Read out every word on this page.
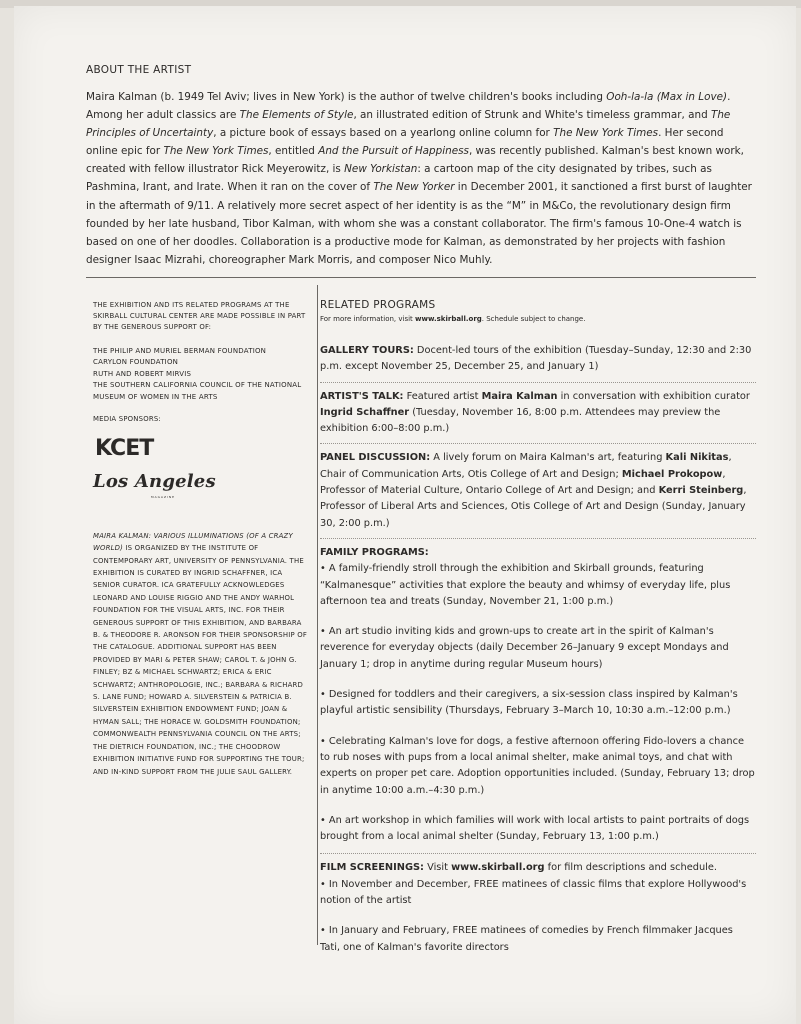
ABOUT THE ARTIST

Maira Kalman (b. 1949 Tel Aviv; lives in New York) is the author of twelve children's books including Ooh-la-la (Max in Love). Among her adult classics are The Elements of Style, an illustrated edition of Strunk and White's timeless grammar, and The Principles of Uncertainty, a picture book of essays based on a yearlong online column for The New York Times. Her second online epic for The New York Times, entitled And the Pursuit of Happiness, was recently published. Kalman's best known work, created with fellow illustrator Rick Meyerowitz, is New Yorkistan: a cartoon map of the city designated by tribes, such as Pashmina, Irant, and Irate. When it ran on the cover of The New Yorker in December 2001, it sanctioned a first burst of laughter in the aftermath of 9/11. A relatively more secret aspect of her identity is as the “M” in M&Co, the revolutionary design firm founded by her late husband, Tibor Kalman, with whom she was a constant collaborator. The firm's famous 10-One-4 watch is based on one of her doodles. Collaboration is a productive mode for Kalman, as demonstrated by her projects with fashion designer Isaac Mizrahi, choreographer Mark Morris, and composer Nico Muhly.

THE EXHIBITION AND ITS RELATED PROGRAMS AT THE SKIRBALL CULTURAL CENTER ARE MADE POSSIBLE IN PART BY THE GENEROUS SUPPORT OF:

THE PHILIP AND MURIEL BERMAN FOUNDATION
CARYLON FOUNDATION
RUTH AND ROBERT MIRVIS
THE SOUTHERN CALIFORNIA COUNCIL OF THE NATIONAL MUSEUM OF WOMEN IN THE ARTS

MEDIA SPONSORS:

KCET
Los Angeles
MAGAZINE

MAIRA KALMAN: VARIOUS ILLUMINATIONS (OF A CRAZY WORLD) IS ORGANIZED BY THE INSTITUTE OF CONTEMPORARY ART, UNIVERSITY OF PENNSYLVANIA. THE EXHIBITION IS CURATED BY INGRID SCHAFFNER, ICA SENIOR CURATOR. ICA GRATEFULLY ACKNOWLEDGES LEONARD AND LOUISE RIGGIO AND THE ANDY WARHOL FOUNDATION FOR THE VISUAL ARTS, INC. FOR THEIR GENEROUS SUPPORT OF THIS EXHIBITION, AND BARBARA B. & THEODORE R. ARONSON FOR THEIR SPONSORSHIP OF THE CATALOGUE. ADDITIONAL SUPPORT HAS BEEN PROVIDED BY MARI & PETER SHAW; CAROL T. & JOHN G. FINLEY; BZ & MICHAEL SCHWARTZ; ERICA & ERIC SCHWARTZ; ANTHROPOLOGIE, INC.; BARBARA & RICHARD S. LANE FUND; HOWARD A. SILVERSTEIN & PATRICIA B. SILVERSTEIN EXHIBITION ENDOWMENT FUND; JOAN & HYMAN SALL; THE HORACE W. GOLDSMITH FOUNDATION; COMMONWEALTH PENNSYLVANIA COUNCIL ON THE ARTS; THE DIETRICH FOUNDATION, INC.; THE CHOODROW EXHIBITION INITIATIVE FUND FOR SUPPORTING THE TOUR; AND IN-KIND SUPPORT FROM THE JULIE SAUL GALLERY.

RELATED PROGRAMS

For more information, visit www.skirball.org. Schedule subject to change.

GALLERY TOURS: Docent-led tours of the exhibition (Tuesday–Sunday, 12:30 and 2:30 p.m. except November 25, December 25, and January 1)
ARTIST'S TALK: Featured artist Maira Kalman in conversation with exhibition curator Ingrid Schaffner (Tuesday, November 16, 8:00 p.m. Attendees may preview the exhibition 6:00–8:00 p.m.)
PANEL DISCUSSION: A lively forum on Maira Kalman's art, featuring Kali Nikitas, Chair of Communication Arts, Otis College of Art and Design; Michael Prokopow, Professor of Material Culture, Ontario College of Art and Design; and Kerri Steinberg, Professor of Liberal Arts and Sciences, Otis College of Art and Design (Sunday, January 30, 2:00 p.m.)
FAMILY PROGRAMS:
• A family-friendly stroll through the exhibition and Skirball grounds, featuring “Kalmanesque” activities that explore the beauty and whimsy of everyday life, plus afternoon tea and treats (Sunday, November 21, 1:00 p.m.)
• An art studio inviting kids and grown-ups to create art in the spirit of Kalman's reverence for everyday objects (daily December 26–January 9 except Mondays and January 1; drop in anytime during regular Museum hours)
• Designed for toddlers and their caregivers, a six-session class inspired by Kalman's playful artistic sensibility (Thursdays, February 3–March 10, 10:30 a.m.–12:00 p.m.)
• Celebrating Kalman's love for dogs, a festive afternoon offering Fido-lovers a chance to rub noses with pups from a local animal shelter, make animal toys, and chat with experts on proper pet care. Adoption opportunities included. (Sunday, February 13; drop in anytime 10:00 a.m.–4:30 p.m.)
• An art workshop in which families will work with local artists to paint portraits of dogs brought from a local animal shelter (Sunday, February 13, 1:00 p.m.)
FILM SCREENINGS: Visit www.skirball.org for film descriptions and schedule.
• In November and December, FREE matinees of classic films that explore Hollywood's notion of the artist
• In January and February, FREE matinees of comedies by French filmmaker Jacques Tati, one of Kalman's favorite directors
